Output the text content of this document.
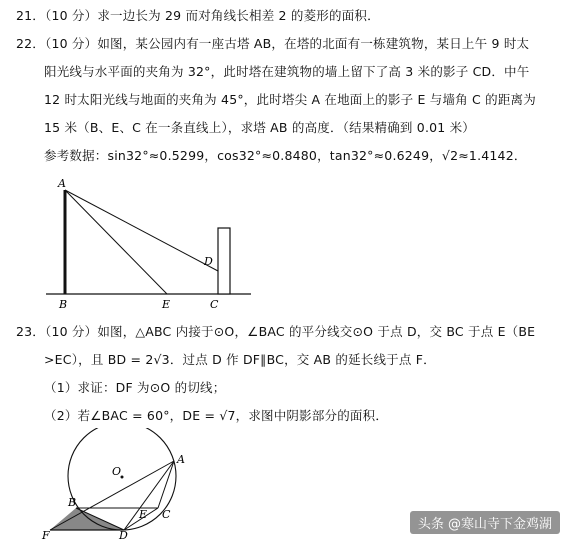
21．（10 分）求一边长为 29 而对角线长相差 2 的菱形的面积．
22．（10 分）如图，某公园内有一座古塔 AB，在塔的北面有一栋建筑物，某日上午 9 时太
阳光线与水平面的夹角为 32°，此时塔在建筑物的墙上留下了高 3 米的影子 CD．中午
12 时太阳光线与地面的夹角为 45°，此时塔尖 A 在地面上的影子 E 与墙角 C 的距离为
15 米（B、E、C 在一条直线上），求塔 AB 的高度．（结果精确到 0.01 米）
参考数据：sin32°≈0.5299，cos32°≈0.8480，tan32°≈0.6249，√2≈1.4142．
A
B	E	C
D
23．（10 分）如图，△ABC 内接于⊙O，∠BAC 的平分线交⊙O 于点 D，交 BC 于点 E（BE
>EC），且 BD = 2√3．过点 D 作 DF∥BC，交 AB 的延长线于点 F．
（1）求证：DF 为⊙O 的切线；
（2）若∠BAC = 60°，DE = √7，求图中阴影部分的面积．
O
A
B
C
D
E
F
头条 @寒山寺下金鸡湖
